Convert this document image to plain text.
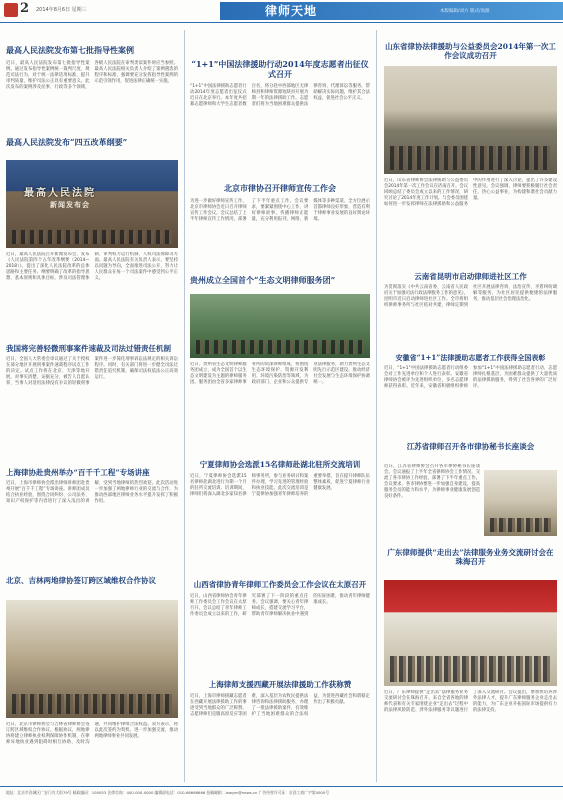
2 2014年8月6日 星期三	律师天地	本版编辑/刘方 版式/高源
最高人民法院发布第七批指导性案例
近日，最高人民法院发布第七批指导性案例。通过发布指导性案例统一裁判尺度，规范司法行为，对于统一法律适用标准，提升审判质量，维护司法公正具有重要意义。此次发布的案例涉及民事、行政等多个领域，各级人民法院在审判类似案件时应当参照。最高人民法院相关负责人介绍了案例遴选的程序和标准，强调要充分发挥指导性案例的示范引领作用，促进法律正确统一实施。
最高人民法院发布“四五改革纲要”
最高人民法院
新闻发布会
近日，最高人民法院召开新闻发布会，发布《人民法院第四个五年改革纲要（2014—2018）》，提出了深化人民法院改革的总体思路和主要任务。纲要明确了改革的指导思想、基本原则和具体目标，涉及司法管理体制、审判权力运行机制、人权司法保障等方面。最高人民法院有关负责人表示，要坚持以问题为导向，全面推进司法公开，努力让人民群众在每一个司法案件中感受到公平正义。
我国将完善轻微刑事案件速裁及司法过错责任机制
近日，全国人大常委会审议通过了关于授权在部分地区开展刑事案件速裁程序试点工作的决定。试点工作将在北京、天津等地开展，对事实清楚、证据充分，被告人自愿认罪，当事人对适用法律没有争议的轻微刑事案件进一步简化刑事诉讼法规定的相关诉讼程序。同时，有关部门将进一步健全司法过错责任追究机制，确保司法权依法公正高效运行。
上海律协赴贵州举办“百千千工程”专场讲座
近日，上海市律师协会派出律师讲师团赴贵州开展“百千千工程”专场讲座。讲师团成员结合执业经验，围绕合同纠纷、公司法务、知识产权保护等内容进行了深入浅出的讲解，受到当地律师的热烈欢迎。此次活动进一步加强了两地律师行业的交流与合作，为推动西部地区律师业务水平提升发挥了积极作用。
北京、吉林两地律协签订跨区域维权合作协议
近日，北京市律师协会与吉林省律师协会签订跨区域维权合作协议。根据协议，两地律协将建立律师执业权利保障协作机制，在律师异地执业遇到阻碍时相互协助、及时沟通，共同维护律师合法权益。双方表示，将以此次签约为契机，进一步加强交流，推动两地律师事业共同发展。
“1+1”中国法律援助行动2014年度志愿者出征仪式召开
“1+1”中国法律援助志愿者行动2014年度志愿者出征仪式近日在北京举行。本年度共招募志愿律师和大学生志愿者数百名，将分赴中西部地区无律师县和律师资源短缺县开展为期一年的法律援助工作。志愿者们将为当地困难群众提供法律咨询、代理诉讼等服务，帮助解决实际问题，维护其合法权益，促进社会公平正义。
北京市律协召开律师宣传工作会
为进一步做好律师宣传工作，北京市律师协会近日召开律师宣传工作会议。会议总结了上半年律师宣传工作情况，部署了下半年重点工作。会议要求，要紧紧围绕中心工作，讲好律师故事，传播律师正能量，充分利用报刊、网络、新媒体等多种渠道，全方位展示首都律师良好形象，营造有利于律师事业发展的良好舆论环境。
贵州成立全国首个“生态文明律师服务团”
近日，贵州省生态文明律师服务团成立，成为全国首个以生态文明建设为主题的律师服务团。服务团由全省多家律师事务所的资深律师组成，将围绕生态环境保护、资源开发利用、环境污染防治等领域，为政府部门、企业和公众提供专业法律服务，助力贵州生态文明先行示范区建设，推动经济社会发展与生态环境保护协调统一。
宁夏律师协会选派15名律师赴湖北驻所交流培训
近日，宁夏律师协会选派15名律师赴湖北进行为期一个月的驻所交流培训。培训期间，律师们将深入湖北多家知名律师事务所，参与业务研讨和案件办理，学习先进的管理经验和执业技能。此次交流培训是宁夏律协加强青年律师培养的重要举措，旨在提升律师队伍整体素质，促进宁夏律师行业健康发展。
山西省律协青年律师工作委员会工作会议在太原召开
近日，山西省律师协会青年律师工作委员会工作会议在太原召开。会议总结了青年律师工作委员会成立以来的工作，研究部署了下一阶段的重点任务。会议强调，要关心青年律师成长，搭建交流学习平台，帮助青年律师解决执业中遇到的实际困难，推动青年律师健康成长。
上海律师支援西藏开展法律援助工作获称赞
近日，上海市律师援藏志愿者在西藏开展法律援助工作的事迹受到当地群众的广泛称赞。志愿律师们克服高原反应等困难，深入基层为农牧民提供法律咨询和法律援助服务，办理了一批法律援助案件，有效维护了当地困难群众的合法权益，为促进西藏社会和谐稳定作出了积极贡献。
山东省律协法律援助与公益委员会2014年第一次工作会议成功召开
近日，山东省律师协会法律援助与公益委员会2014年第一次工作会议在济南召开。会议回顾总结了委员会成立以来的工作情况，研究讨论了2014年度工作计划。与会委员围绕如何进一步发挥律师在法律援助和公益服务中的作用进行了深入讨论，提出了许多建设性意见。会议强调，律师要积极履行社会责任，热心公益事业，为构建和谐社会贡献力量。
云南省昆明市启动律师进社区工作
为贯彻落实《中共云南省委、云南省人民政府关于加强司法行政法律服务工作的意见》，昆明市近日启动律师进社区工作。全市将组织律师事务所与社区结对共建，律师定期到社区开展法律咨询、法治宣传、矛盾纠纷调解等服务，为社区居民提供便捷的法律服务，推动基层社会治理法治化。
安徽省“1+1”法律援助志愿者工作获得全国表彰
近日，“1+1”中国法律援助志愿者行动组委会对工作先进单位和个人进行表彰。安徽省律师协会被评为先进组织单位，多名志愿律师获得表彰。近年来，安徽省积极组织律师参加“1+1”中国法律援助志愿者行动，志愿律师扎根基层，为困难群众提供了大量优质的法律援助服务，得到了社会各界的广泛好评。
江苏省律师召开各市律协秘书长座谈会
近日，江苏省律师协会召开各市律协秘书长座谈会。会议通报了上半年全省律师协会工作情况，交流了各市律协工作经验，部署了下半年重点工作。会议要求，各市律协要进一步加强自身建设，提高服务会员的能力和水平，为律师事业健康发展创造良好条件。
广东律师提供“走出去”法律服务业务交流研讨会在珠海召开
近日，广东律师提供“走出去”法律服务业务交流研讨会在珠海召开。来自全省各地的律师代表和有关专家围绕企业“走出去”过程中的法律风险防范、涉外法律服务等议题进行了深入交流研讨。会议提出，要加快培养涉外法律人才，提升广东律师服务企业走出去的能力，为广东企业开拓国际市场提供有力的法律支持。
地址：北京市西城区广安门内大街79号 邮政编码：100053 法律咨询：400-000-0000 编辑部电话：010-66666666 投稿邮箱：lawyer@news.cn 广告经营许可证：京西工商广字第0000号
